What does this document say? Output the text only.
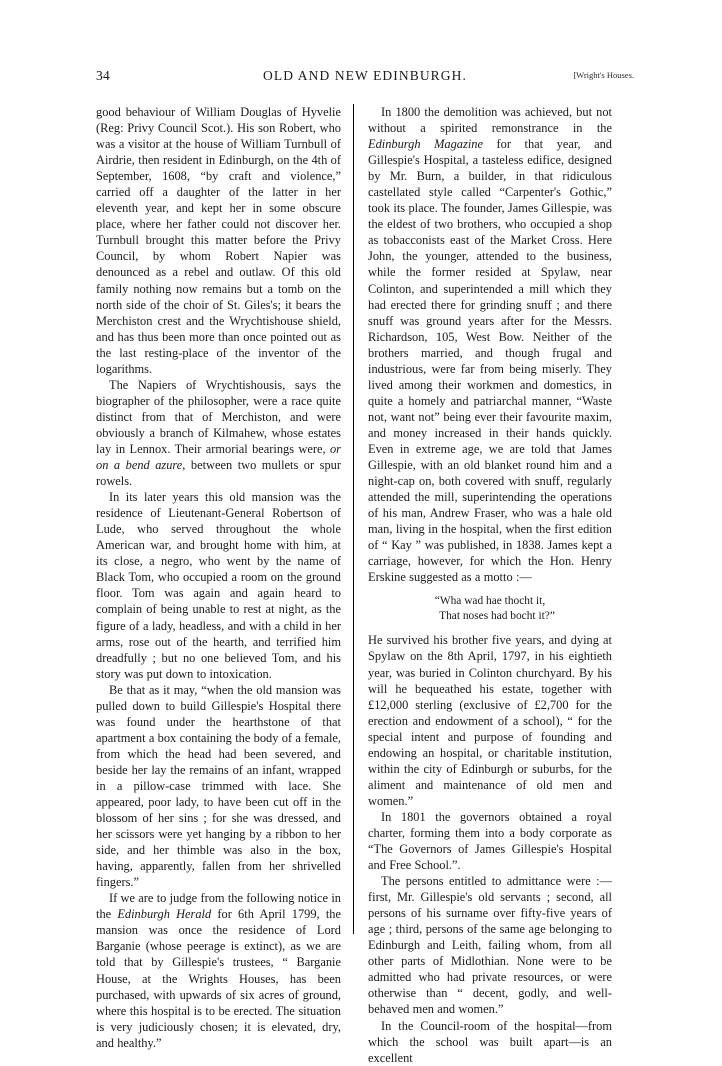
34	OLD AND NEW EDINBURGH.	[Wright's Houses.

good behaviour of William Douglas of Hyvelie (Reg: Privy Council Scot.). His son Robert, who was a visitor at the house of William Turnbull of Airdrie, then resident in Edinburgh, on the 4th of September, 1608, “by craft and violence,” carried off a daughter of the latter in her eleventh year, and kept her in some obscure place, where her father could not discover her. Turnbull brought this matter before the Privy Council, by whom Robert Napier was denounced as a rebel and outlaw. Of this old family nothing now remains but a tomb on the north side of the choir of St. Giles's; it bears the Merchiston crest and the Wrychtishouse shield, and has thus been more than once pointed out as the last resting-place of the inventor of the logarithms.

The Napiers of Wrychtishousis, says the biographer of the philosopher, were a race quite distinct from that of Merchiston, and were obviously a branch of Kilmahew, whose estates lay in Lennox. Their armorial bearings were, or on a bend azure, between two mullets or spur rowels.

In its later years this old mansion was the residence of Lieutenant-General Robertson of Lude, who served throughout the whole American war, and brought home with him, at its close, a negro, who went by the name of Black Tom, who occupied a room on the ground floor. Tom was again and again heard to complain of being unable to rest at night, as the figure of a lady, headless, and with a child in her arms, rose out of the hearth, and terrified him dreadfully ; but no one believed Tom, and his story was put down to intoxication.

Be that as it may, “when the old mansion was pulled down to build Gillespie's Hospital there was found under the hearthstone of that apartment a box containing the body of a female, from which the head had been severed, and beside her lay the remains of an infant, wrapped in a pillow-case trimmed with lace. She appeared, poor lady, to have been cut off in the blossom of her sins ; for she was dressed, and her scissors were yet hanging by a ribbon to her side, and her thimble was also in the box, having, apparently, fallen from her shrivelled fingers.”

If we are to judge from the following notice in the Edinburgh Herald for 6th April 1799, the mansion was once the residence of Lord Barganie (whose peerage is extinct), as we are told that by Gillespie's trustees, “ Barganie House, at the Wrights Houses, has been purchased, with upwards of six acres of ground, where this hospital is to be erected. The situation is very judiciously chosen; it is elevated, dry, and healthy.”

In 1800 the demolition was achieved, but not without a spirited remonstrance in the Edinburgh Magazine for that year, and Gillespie's Hospital, a tasteless edifice, designed by Mr. Burn, a builder, in that ridiculous castellated style called “Carpenter's Gothic,” took its place. The founder, James Gillespie, was the eldest of two brothers, who occupied a shop as tobacconists east of the Market Cross. Here John, the younger, attended to the business, while the former resided at Spylaw, near Colinton, and superintended a mill which they had erected there for grinding snuff ; and there snuff was ground years after for the Messrs. Richardson, 105, West Bow. Neither of the brothers married, and though frugal and industrious, were far from being miserly. They lived among their workmen and domestics, in quite a homely and patriarchal manner, “Waste not, want not” being ever their favourite maxim, and money increased in their hands quickly. Even in extreme age, we are told that James Gillespie, with an old blanket round him and a night-cap on, both covered with snuff, regularly attended the mill, superintending the operations of his man, Andrew Fraser, who was a hale old man, living in the hospital, when the first edition of “ Kay ” was published, in 1838. James kept a carriage, however, for which the Hon. Henry Erskine suggested as a motto :—

“Wha wad hae thocht it,
That noses had bocht it?”

He survived his brother five years, and dying at Spylaw on the 8th April, 1797, in his eightieth year, was buried in Colinton churchyard. By his will he bequeathed his estate, together with £12,000 sterling (exclusive of £2,700 for the erection and endowment of a school), “ for the special intent and purpose of founding and endowing an hospital, or charitable institution, within the city of Edinburgh or suburbs, for the aliment and maintenance of old men and women.”

In 1801 the governors obtained a royal charter, forming them into a body corporate as “The Governors of James Gillespie's Hospital and Free School.”.

The persons entitled to admittance were :—first, Mr. Gillespie's old servants ; second, all persons of his surname over fifty-five years of age ; third, persons of the same age belonging to Edinburgh and Leith, failing whom, from all other parts of Midlothian. None were to be admitted who had private resources, or were otherwise than “ decent, godly, and well-behaved men and women.”

In the Council-room of the hospital—from which the school was built apart—is an excellent
